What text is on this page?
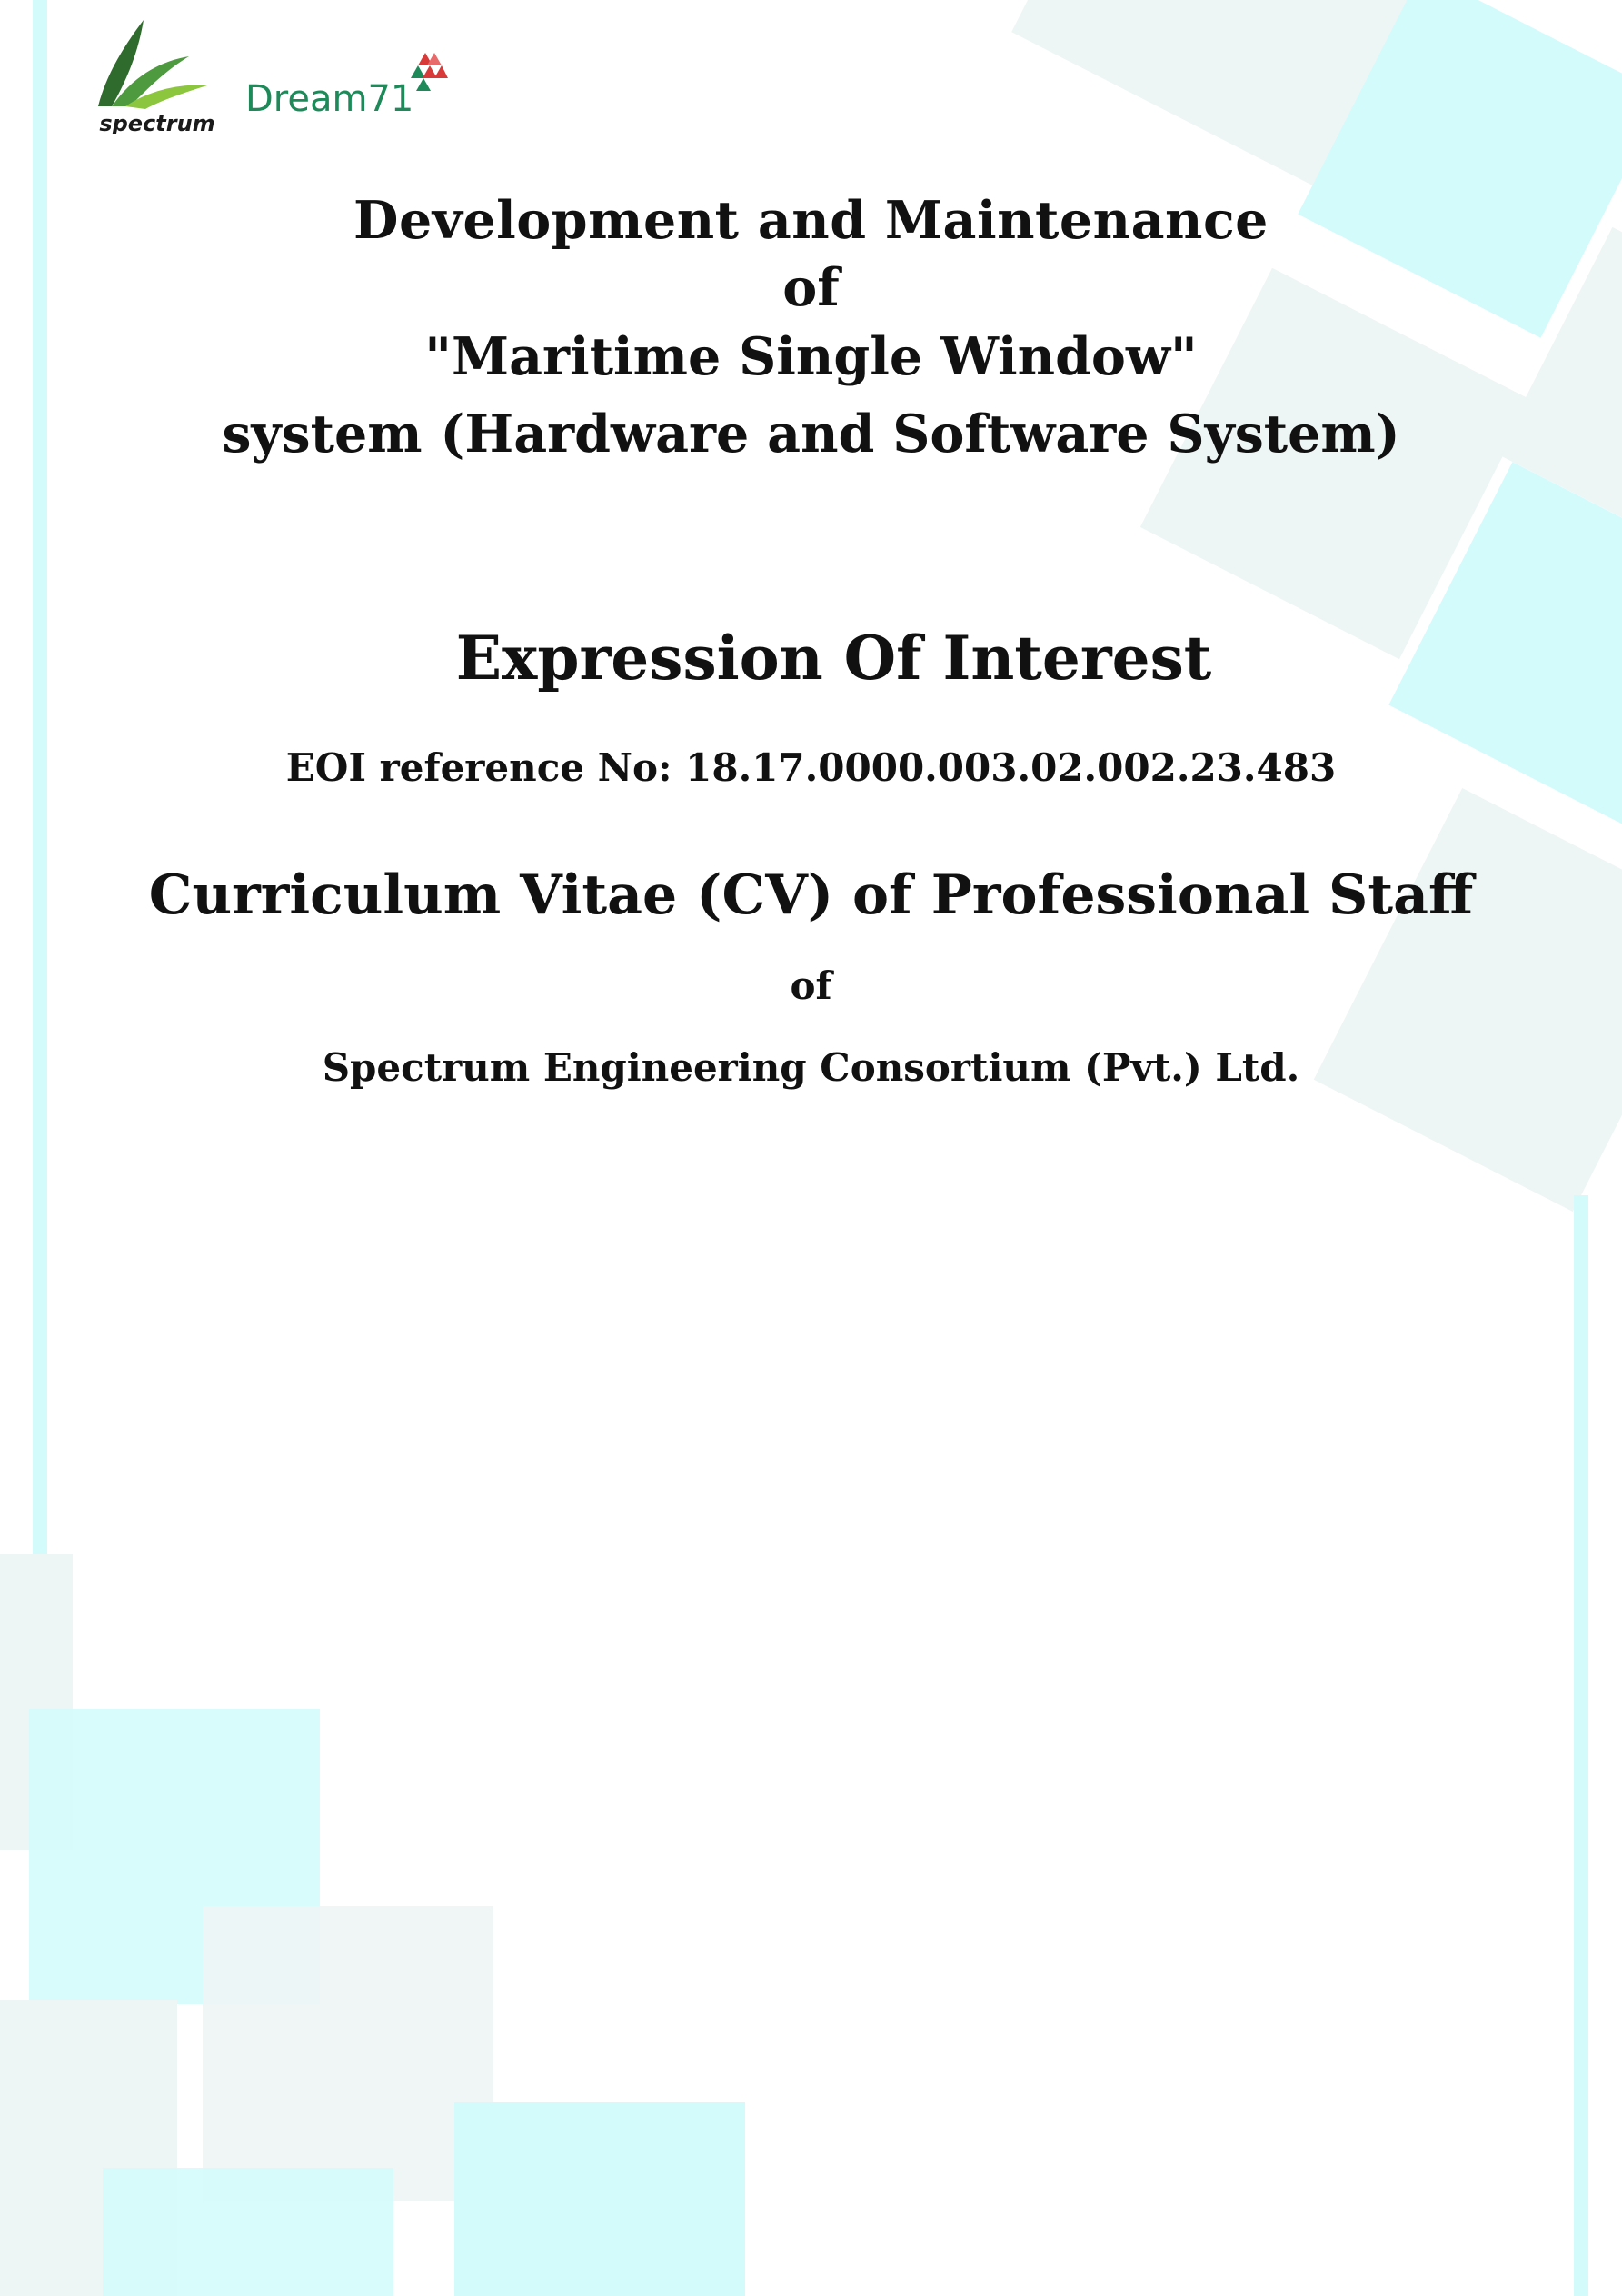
spectrum
Dream71
Development and Maintenance
of
"Maritime Single Window"
system (Hardware and Software System)
Expression Of Interest
EOI reference No: 18.17.0000.003.02.002.23.483
Curriculum Vitae (CV) of Professional Staff
of
Spectrum Engineering Consortium (Pvt.) Ltd.
